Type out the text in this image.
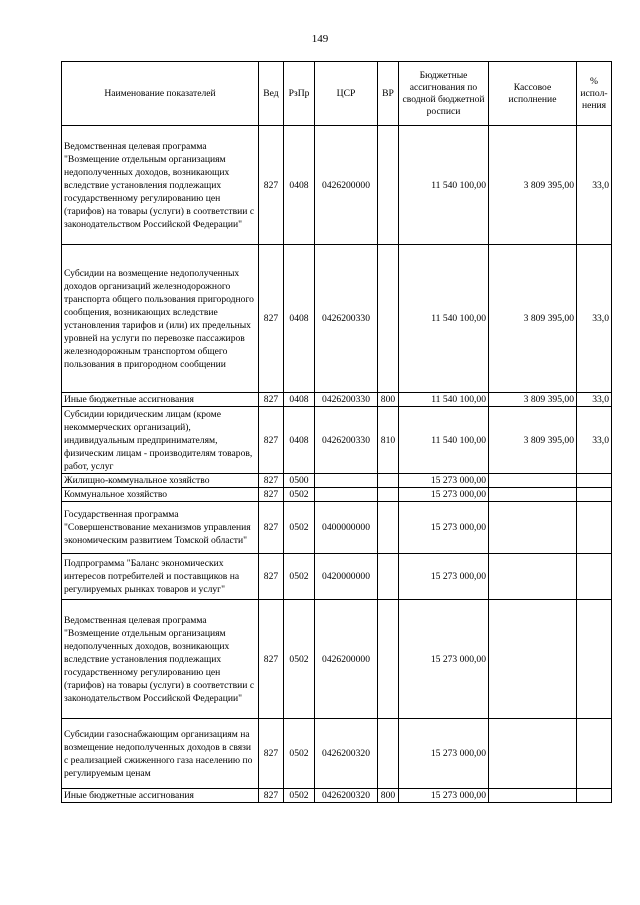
149
Наименование показателей	Вед	РзПр	ЦСР	ВР	Бюджетные ассигнования по сводной бюджетной росписи	Кассовое исполнение	% испол-нения
Ведомственная целевая программа "Возмещение отдельным организациям недополученных доходов, возникающих вследствие установления подлежащих государственному регулированию цен (тарифов) на товары (услуги) в соответствии с законодательством Российской Федерации"	827	0408	0426200000		11 540 100,00	3 809 395,00	33,0
Субсидии на возмещение недополученных доходов организаций железнодорожного транспорта общего пользования пригородного сообщения, возникающих вследствие установления тарифов и (или) их предельных уровней на услуги по перевозке пассажиров железнодорожным транспортом общего пользования в пригородном сообщении	827	0408	0426200330		11 540 100,00	3 809 395,00	33,0
Иные бюджетные ассигнования	827	0408	0426200330	800	11 540 100,00	3 809 395,00	33,0
Субсидии юридическим лицам (кроме некоммерческих организаций), индивидуальным предпринимателям, физическим лицам - производителям товаров, работ, услуг	827	0408	0426200330	810	11 540 100,00	3 809 395,00	33,0
Жилищно-коммунальное хозяйство	827	0500			15 273 000,00		
Коммунальное хозяйство	827	0502			15 273 000,00		
Государственная программа "Совершенствование механизмов управления экономическим развитием Томской области"	827	0502	0400000000		15 273 000,00		
Подпрограмма "Баланс экономических интересов потребителей и поставщиков на регулируемых рынках товаров и услуг"	827	0502	0420000000		15 273 000,00		
Ведомственная целевая программа "Возмещение отдельным организациям недополученных доходов, возникающих вследствие установления подлежащих государственному регулированию цен (тарифов) на товары (услуги) в соответствии с законодательством Российской Федерации"	827	0502	0426200000		15 273 000,00		
Субсидии газоснабжающим организациям на возмещение недополученных доходов в связи с реализацией сжиженного газа населению по регулируемым ценам	827	0502	0426200320		15 273 000,00		
Иные бюджетные ассигнования	827	0502	0426200320	800	15 273 000,00		
